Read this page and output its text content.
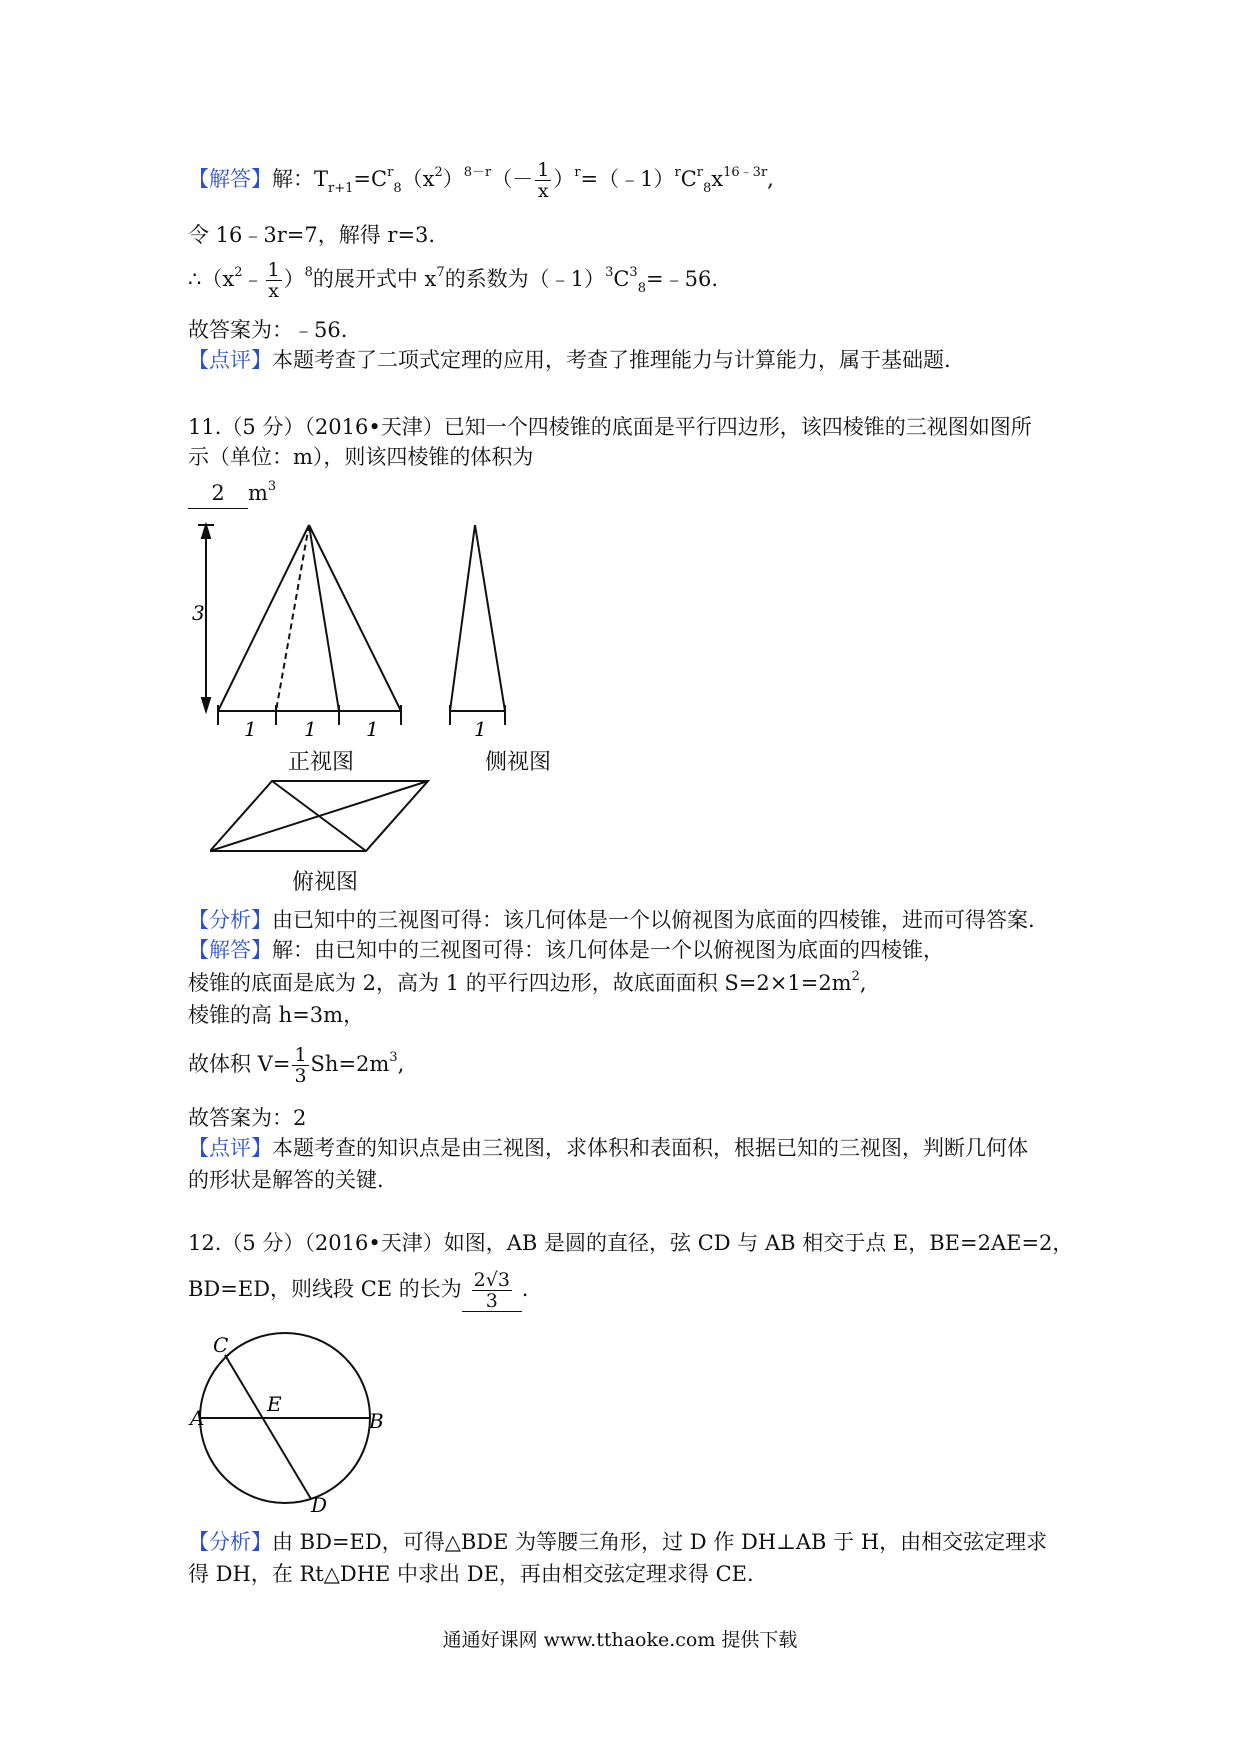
【解答】解：$T_{r+1}=C^r_8(x^2)^{8-r}(- \frac{1}{x}$ ）$^r=(﹣1)^rC^r_8x^{16﹣3r}$,
令 16﹣3r=7，解得 r=3.
$\therefore(x^2﹣ \frac{1}{x} )^8$的展开式中 $x^7$的系数为$(﹣1)^3C^3_8=﹣56$.
故答案为：﹣56.
【点评】本题考查了二项式定理的应用，考查了推理能力与计算能力，属于基础题.
11.（5 分）（2016•天津）已知一个四棱锥的底面是平行四边形，该四棱锥的三视图如图所
示（单位：m），则该四棱锥的体积为
2 $m^3$
3
1 1 1	1
正视图	侧视图
俯视图
【分析】由已知中的三视图可得：该几何体是一个以俯视图为底面的四棱锥，进而可得答案.
【解答】解：由已知中的三视图可得：该几何体是一个以俯视图为底面的四棱锥，
棱锥的底面是底为 2，高为 1 的平行四边形，故底面面积 $S=2\times 1=2m^2$,
棱锥的高 h=3m，
故体积 $V= \frac{1}{3} Sh=2m^3$,
故答案为：2
【点评】本题考查的知识点是由三视图，求体积和表面积，根据已知的三视图，判断几何体
的形状是解答的关键.
12.（5 分）（2016•天津）如图，AB 是圆的直径，弦 CD 与 AB 相交于点 E，BE=2AE=2，
BD=ED，则线段 CE 的长为 $\frac{2√3}{3}$ .
C
A
E
B
D
【分析】由 BD=ED，可得△BDE 为等腰三角形，过 D 作 DH⊥AB 于 H，由相交弦定理求
得 DH，在 Rt△DHE 中求出 DE，再由相交弦定理求得 CE.
通通好课网 www.tthaoke.com 提供下载
